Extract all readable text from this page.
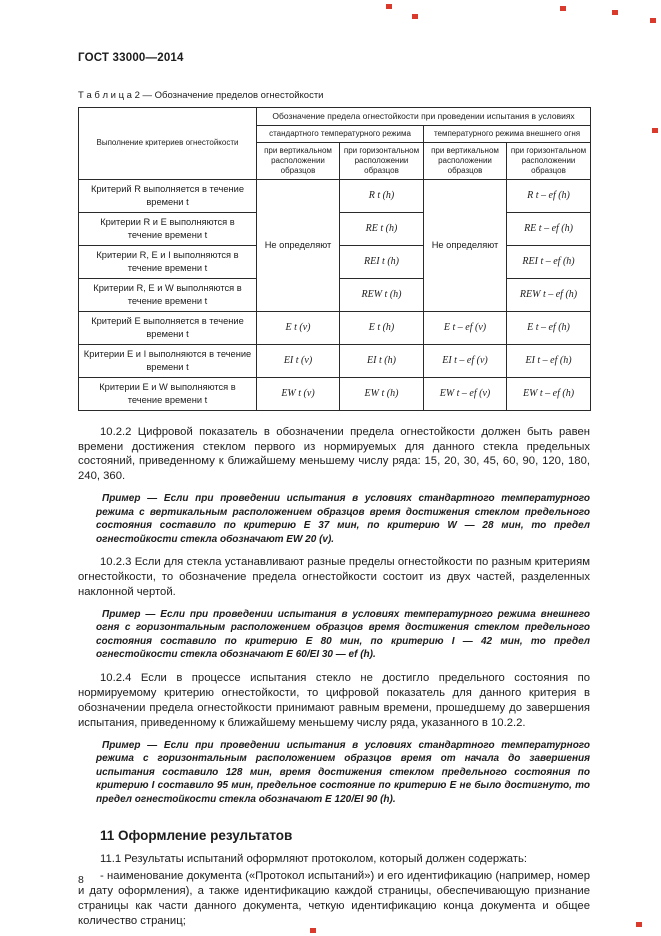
ГОСТ 33000—2014
Т а б л и ц а 2 — Обозначение пределов огнестойкости
Выполнение критериев огнестойкости	Обозначение предела огнестойкости при проведении испытания в условиях			
	стандартного температурного режима		температурного режима внешнего огня	
	при вертикальном расположении образцов	при горизонтальном расположении образцов	при вертикальном расположении образцов	при горизонтальном расположении образцов
Критерий R выполняется в течение времени t	Не определяют	R t (h)	Не определяют	R t – ef (h)
Критерии R и E выполняются в течение времени t		RE t (h)		RE t – ef (h)
Критерии R, E и I выполняются в течение времени t		REI t (h)		REI t – ef (h)
Критерии R, E и W выполняются в течение времени t		REW t (h)		REW t – ef (h)
Критерий E выполняется в течение времени t	E t (v)	E t (h)	E t – ef (v)	E t – ef (h)
Критерии E и I выполняются в течение времени t	EI t (v)	EI t (h)	EI t – ef (v)	EI t – ef (h)
Критерии E и W выполняются в течение времени t	EW t (v)	EW t (h)	EW t – ef (v)	EW t – ef (h)

10.2.2 Цифровой показатель в обозначении предела огнестойкости должен быть равен времени достижения стеклом первого из нормируемых для данного стекла предельных состояний, приведенному к ближайшему меньшему числу ряда: 15, 20, 30, 45, 60, 90, 120, 180, 240, 360.

Пример — Если при проведении испытания в условиях стандартного температурного режима с вертикальным расположением образцов время достижения стеклом предельного состояния составило по критерию E 37 мин, по критерию W — 28 мин, то предел огнестойкости стекла обозначают EW 20 (v).

10.2.3 Если для стекла устанавливают разные пределы огнестойкости по разным критериям огнестойкости, то обозначение предела огнестойкости состоит из двух частей, разделенных наклонной чертой.

Пример — Если при проведении испытания в условиях температурного режима внешнего огня с горизонтальным расположением образцов время достижения стеклом предельного состояния составило по критерию E 80 мин, по критерию I — 42 мин, то предел огнестойкости стекла обозначают E 60/EI 30 — ef (h).

10.2.4 Если в процессе испытания стекло не достигло предельного состояния по нормируемому критерию огнестойкости, то цифровой показатель для данного критерия в обозначении предела огнестойкости принимают равным времени, прошедшему до завершения испытания, приведенному к ближайшему меньшему числу ряда, указанного в 10.2.2.

Пример — Если при проведении испытания в условиях стандартного температурного режима с горизонтальным расположением образцов время от начала до завершения испытания составило 128 мин, время достижения стеклом предельного состояния по критерию I составило 95 мин, предельное состояние по критерию E не было достигнуто, то предел огнестойкости стекла обозначают E 120/EI 90 (h).

11 Оформление результатов

11.1 Результаты испытаний оформляют протоколом, который должен содержать:

- наименование документа («Протокол испытаний») и его идентификацию (например, номер и дату оформления), а также идентификацию каждой страницы, обеспечивающую признание страницы как части данного документа, четкую идентификацию конца документа и общее количество страниц;

8
